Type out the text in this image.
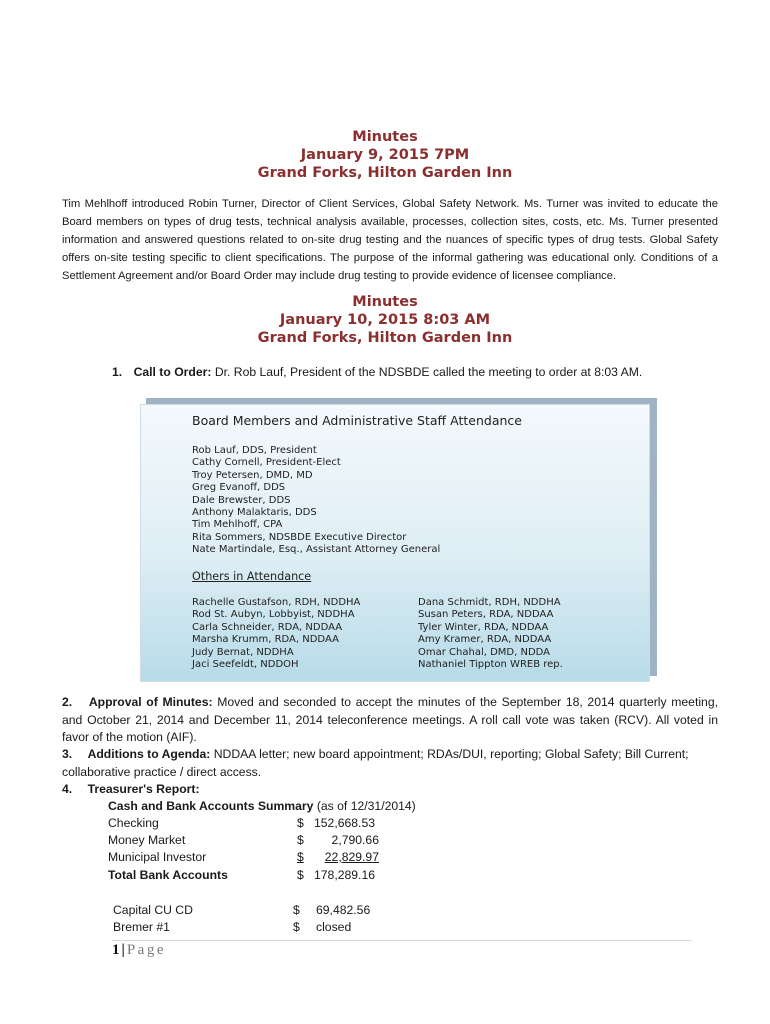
Minutes
January 9, 2015 7PM
Grand Forks, Hilton Garden Inn
Tim Mehlhoff introduced Robin Turner, Director of Client Services, Global Safety Network. Ms. Turner was invited to educate the Board members on types of drug tests, technical analysis available, processes, collection sites, costs, etc. Ms. Turner presented information and answered questions related to on-site drug testing and the nuances of specific types of drug tests. Global Safety offers on-site testing specific to client specifications. The purpose of the informal gathering was educational only. Conditions of a Settlement Agreement and/or Board Order may include drug testing to provide evidence of licensee compliance.
Minutes
January 10, 2015 8:03 AM
Grand Forks, Hilton Garden Inn
1. Call to Order: Dr. Rob Lauf, President of the NDSBDE called the meeting to order at 8:03 AM.
Board Members and Administrative Staff Attendance
Rob Lauf, DDS, President
Cathy Cornell, President-Elect
Troy Petersen, DMD, MD
Greg Evanoff, DDS
Dale Brewster, DDS
Anthony Malaktaris, DDS
Tim Mehlhoff, CPA
Rita Sommers, NDSBDE Executive Director
Nate Martindale, Esq., Assistant Attorney General
Others in Attendance
Rachelle Gustafson, RDH, NDDHA
Rod St. Aubyn, Lobbyist, NDDHA
Carla Schneider, RDA, NDDAA
Marsha Krumm, RDA, NDDAA
Judy Bernat, NDDHA
Jaci Seefeldt, NDDOH
Dana Schmidt, RDH, NDDHA
Susan Peters, RDA, NDDAA
Tyler Winter, RDA, NDDAA
Amy Kramer, RDA, NDDAA
Omar Chahal, DMD, NDDA
Nathaniel Tippton WREB rep.
2. Approval of Minutes: Moved and seconded to accept the minutes of the September 18, 2014 quarterly meeting, and October 21, 2014 and December 11, 2014 teleconference meetings. A roll call vote was taken (RCV). All voted in favor of the motion (AIF).
3. Additions to Agenda: NDDAA letter; new board appointment; RDAs/DUI, reporting; Global Safety; Bill Current; collaborative practice / direct access.
4. Treasurer's Report:
Cash and Bank Accounts Summary (as of 12/31/2014)
Checking	$ 152,668.53
Money Market	$	2,790.66
Municipal Investor	$	22,829.97
Total Bank Accounts	$ 178,289.16
Capital CU CD	$ 69,482.56
Bremer #1	$ closed
1 | Page
